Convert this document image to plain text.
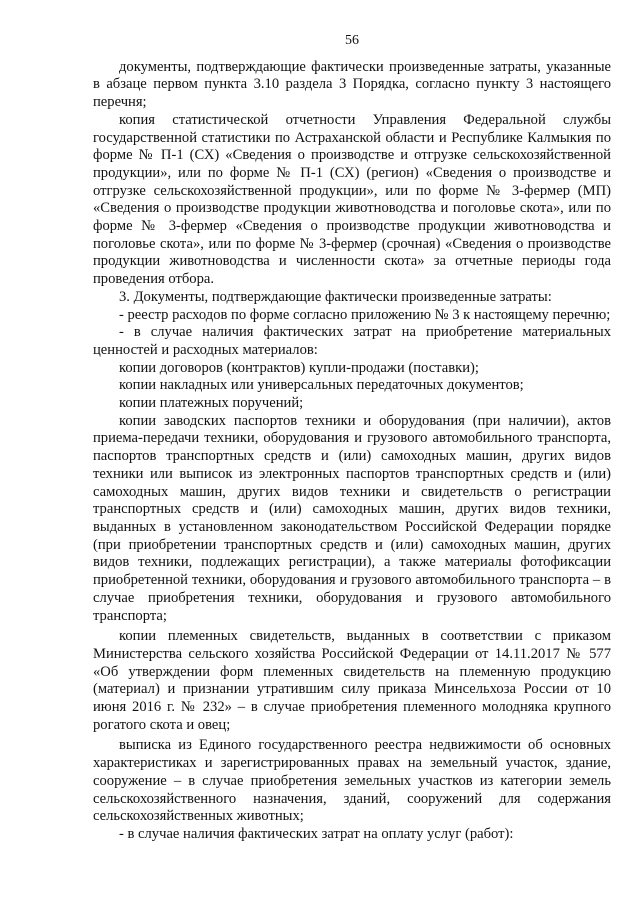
56

документы, подтверждающие фактически произведенные затраты, указанные в абзаце первом пункта 3.10 раздела 3 Порядка, согласно пункту 3 настоящего перечня;

копия статистической отчетности Управления Федеральной службы государственной статистики по Астраханской области и Республике Калмыкия по форме № П-1 (СХ) «Сведения о производстве и отгрузке сельскохозяйственной продукции», или по форме № П-1 (СХ) (регион) «Сведения о производстве и отгрузке сельскохозяйственной продукции», или по форме № 3-фермер (МП) «Сведения о производстве продукции животноводства и поголовье скота», или по форме № 3-фермер «Сведения о производстве продукции животноводства и поголовье скота», или по форме № 3-фермер (срочная) «Сведения о производстве продукции животноводства и численности скота» за отчетные периоды года проведения отбора.

3. Документы, подтверждающие фактически произведенные затраты:

- реестр расходов по форме согласно приложению № 3 к настоящему перечню;

- в случае наличия фактических затрат на приобретение материальных ценностей и расходных материалов:

копии договоров (контрактов) купли-продажи (поставки);

копии накладных или универсальных передаточных документов;

копии платежных поручений;

копии заводских паспортов техники и оборудования (при наличии), актов приема-передачи техники, оборудования и грузового автомобильного транспорта, паспортов транспортных средств и (или) самоходных машин, других видов техники или выписок из электронных паспортов транспортных средств и (или) самоходных машин, других видов техники и свидетельств о регистрации транспортных средств и (или) самоходных машин, других видов техники, выданных в установленном законодательством Российской Федерации порядке (при приобретении транспортных средств и (или) самоходных машин, других видов техники, подлежащих регистрации), а также материалы фотофиксации приобретенной техники, оборудования и грузового автомобильного транспорта – в случае приобретения техники, оборудования и грузового автомобильного транспорта;

копии племенных свидетельств, выданных в соответствии с приказом Министерства сельского хозяйства Российской Федерации от 14.11.2017 № 577 «Об утверждении форм племенных свидетельств на племенную продукцию (материал) и признании утратившим силу приказа Минсельхоза России от 10 июня 2016 г. № 232» – в случае приобретения племенного молодняка крупного рогатого скота и овец;

выписка из Единого государственного реестра недвижимости об основных характеристиках и зарегистрированных правах на земельный участок, здание, сооружение – в случае приобретения земельных участков из категории земель сельскохозяйственного назначения, зданий, сооружений для содержания сельскохозяйственных животных;

- в случае наличия фактических затрат на оплату услуг (работ):
